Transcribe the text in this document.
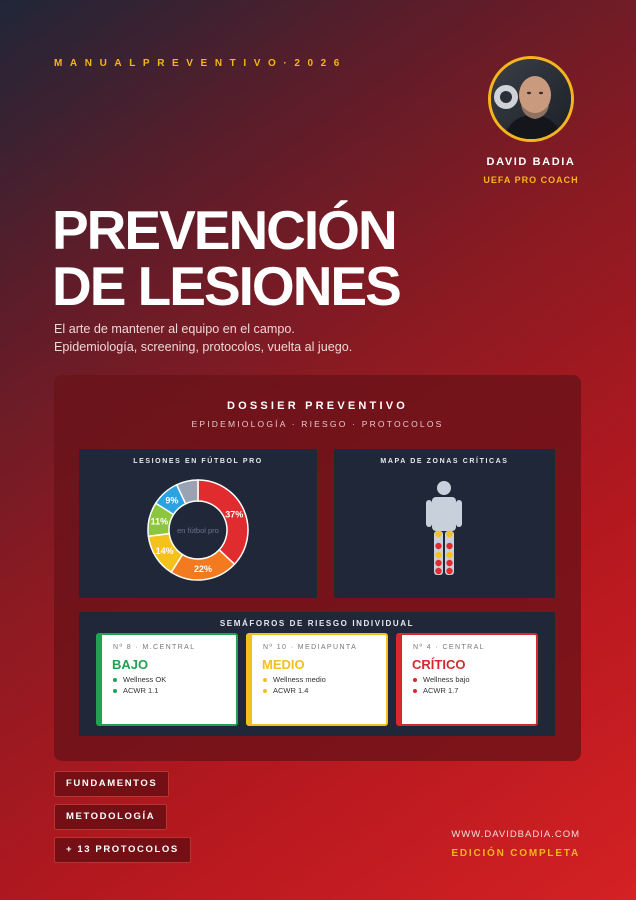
MANUALPREVENTIVO·2026
DAVID BADIA
UEFA PRO COACH
PREVENCIÓN
DE LESIONES
El arte de mantener al equipo en el campo.
Epidemiología, screening, protocolos, vuelta al juego.
DOSSIER PREVENTIVO
EPIDEMIOLOGÍA · RIESGO · PROTOCOLOS
LESIONES EN FÚTBOL PRO
37%
22%
14%
11%
9%
en fútbol pro
MAPA DE ZONAS CRÍTICAS
SEMÁFOROS DE RIESGO INDIVIDUAL
Nº 8 · M.CENTRAL
BAJO
Wellness OK
ACWR 1.1
Nº 10 · MEDIAPUNTA
MEDIO
Wellness medio
ACWR 1.4
Nº 4 · CENTRAL
CRÍTICO
Wellness bajo
ACWR 1.7
FUNDAMENTOS
METODOLOGÍA
+ 13 PROTOCOLOS
WWW.DAVIDBADIA.COM
EDICIÓN COMPLETA
